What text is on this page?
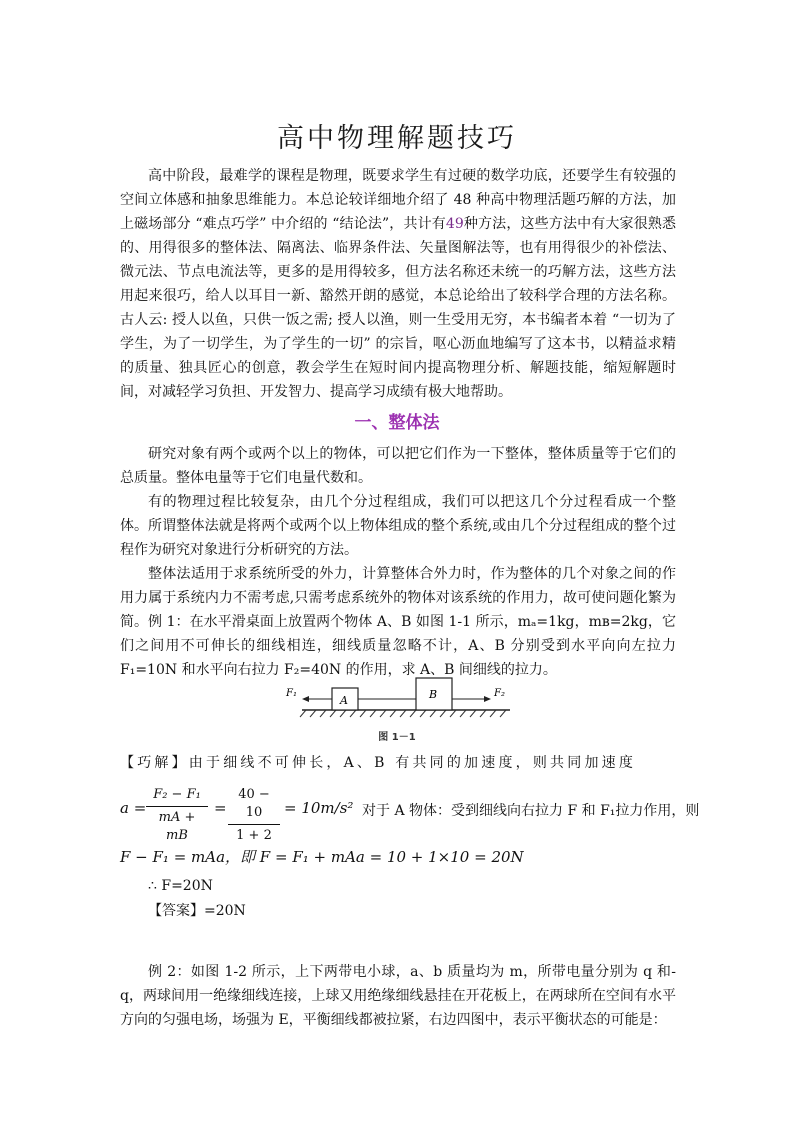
高中物理解题技巧

高中阶段，最难学的课程是物理，既要求学生有过硬的数学功底，还要学生有较强的空间立体感和抽象思维能力。本总论较详细地介绍了 48 种高中物理活题巧解的方法，加上磁场部分 “难点巧学” 中介绍的 “结论法”，共计有49种方法，这些方法中有大家很熟悉的、用得很多的整体法、隔离法、临界条件法、矢量图解法等，也有用得很少的补偿法、微元法、节点电流法等，更多的是用得较多，但方法名称还未统一的巧解方法，这些方法用起来很巧，给人以耳目一新、豁然开朗的感觉，本总论给出了较科学合理的方法名称。古人云: 授人以鱼，只供一饭之需; 授人以渔，则一生受用无穷，本书编者本着 “一切为了学生，为了一切学生，为了学生的一切” 的宗旨，呕心沥血地编写了这本书，以精益求精的质量、独具匠心的创意，教会学生在短时间内提高物理分析、解题技能，缩短解题时间，对减轻学习负担、开发智力、提高学习成绩有极大地帮助。

一、整体法

研究对象有两个或两个以上的物体，可以把它们作为一下整体，整体质量等于它们的总质量。整体电量等于它们电量代数和。

有的物理过程比较复杂，由几个分过程组成，我们可以把这几个分过程看成一个整体。 所谓整体法就是将两个或两个以上物体组成的整个系统,或由几个分过程组成的整个过程作为研究对象进行分析研究的方法。

整体法适用于求系统所受的外力，计算整体合外力时，作为整体的几个对象之间的作用力属于系统内力不需考虑,只需考虑系统外的物体对该系统的作用力，故可使问题化繁为简。 例 1：在水平滑桌面上放置两个物体 A、B 如图 1-1 所示，mₐ=1kg，mʙ=2kg，它们之间用不可伸长的细线相连，细线质量忽略不计，A、B 分别受到水平向向左拉力 F₁=10N 和水平向右拉力 F₂=40N 的作用，求 A、B 间细线的拉力。

F₁	F₂
A	B
图 1－1

【巧解】由于细线不可伸长，A、B 有共同的加速度，则共同加速度

a =
F₂ − F₁
mA + mB
=
40 − 10
1 + 2
= 10m/s² 对于 A 物体：受到细线向右拉力 F 和 F₁拉力作用，则
F − F₁ = mAa，即 F = F₁ + mAa = 10 + 1×10 = 20N
∴ F=20N
【答案】=20N

例 2：如图 1-2 所示，上下两带电小球，a、b 质量均为 m，所带电量分别为 q 和-q，两球间用一绝缘细线连接，上球又用绝缘细线悬挂在开花板上，在两球所在空间有水平方向的匀强电场，场强为 E，平衡细线都被拉紧，右边四图中，表示平衡状态的可能是：
